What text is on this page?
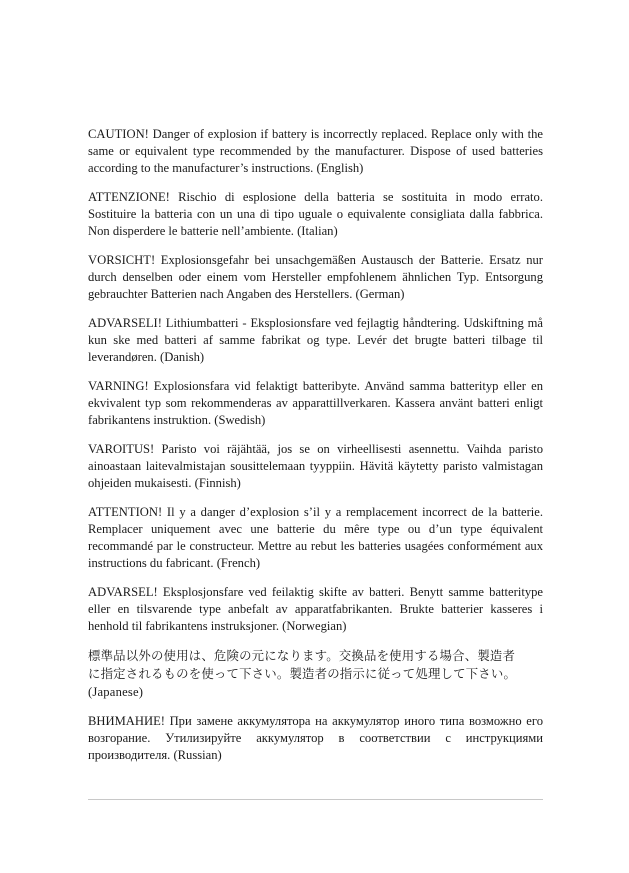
CAUTION! Danger of explosion if battery is incorrectly replaced. Replace only with the same or equivalent type recommended by the manufacturer. Dispose of used batteries according to the manufacturer’s instructions. (English)

ATTENZIONE! Rischio di esplosione della batteria se sostituita in modo errato. Sostituire la batteria con un una di tipo uguale o equivalente consigliata dalla fabbrica. Non disperdere le batterie nell’ambiente. (Italian)

VORSICHT! Explosionsgefahr bei unsachgemäßen Austausch der Batterie. Ersatz nur durch denselben oder einem vom Hersteller empfohlenem ähnlichen Typ. Entsorgung gebrauchter Batterien nach Angaben des Herstellers. (German)

ADVARSELI! Lithiumbatteri - Eksplosionsfare ved fejlagtig håndtering. Udskiftning må kun ske med batteri af samme fabrikat og type. Levér det brugte batteri tilbage til leverandøren. (Danish)

VARNING! Explosionsfara vid felaktigt batteribyte. Använd samma batterityp eller en ekvivalent typ som rekommenderas av apparattillverkaren. Kassera använt batteri enligt fabrikantens instruktion. (Swedish)

VAROITUS! Paristo voi räjähtää, jos se on virheellisesti asennettu. Vaihda paristo ainoastaan laitevalmistajan sousittelemaan tyyppiin. Hävitä käytetty paristo valmistagan ohjeiden mukaisesti. (Finnish)

ATTENTION! Il y a danger d’explosion s’il y a remplacement incorrect de la batterie. Remplacer uniquement avec une batterie du mêre type ou d’un type équivalent recommandé par le constructeur. Mettre au rebut les batteries usagées conformément aux instructions du fabricant. (French)

ADVARSEL! Eksplosjonsfare ved feilaktig skifte av batteri. Benytt samme batteritype eller en tilsvarende type anbefalt av apparatfabrikanten. Brukte batterier kasseres i henhold til fabrikantens instruksjoner. (Norwegian)

標準品以外の使用は、危険の元になります。交換品を使用する場合、製造者
に指定されるものを使って下さい。製造者の指示に従って処理して下さい。
(Japanese)

ВНИМАНИЕ! При замене аккумулятора на аккумулятор иного типа возможно его возгорание. Утилизируйте аккумулятор в соответствии с инструкциями производителя. (Russian)
